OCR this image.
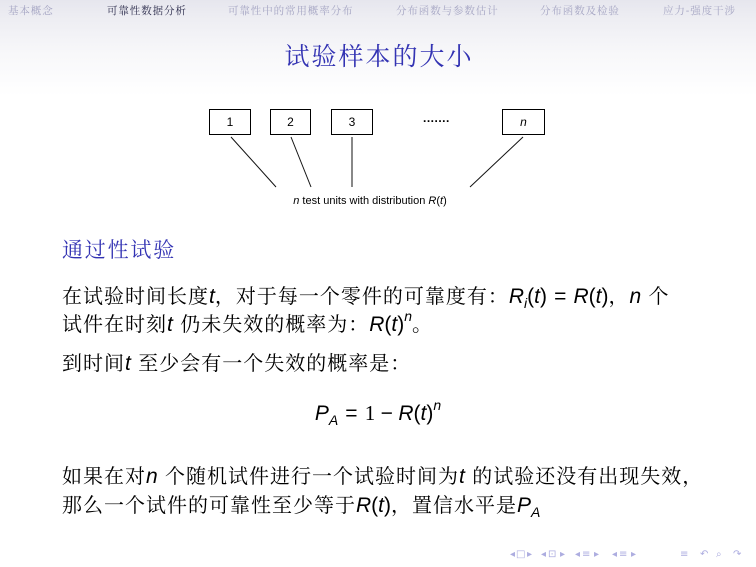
基本概念	可靠性数据分析	可靠性中的常用概率分布	分布函数与参数估计	分布函数及检验	应力-强度干涉
试验样本的大小
1	2	3	.......	n
n  test units with distribution  R ( t )
通过性试验
在试验时间长度 t ，对于每一个零件的可靠度有： R i ( t ) = R ( t ) ， n  个
试件在时刻 t  仍未失效的概率为： R ( t ) n 。
到时间 t  至少会有一个失效的概率是：
P A = 1 − R ( t ) n
如果在对 n  个随机试件进行一个试验时间为 t  的试验还没有出现失效，
那么一个试件的可靠性至少等于 R ( t ) ，置信水平是 P A
◂
□
▸
◂
⊡
▸
◂
≡
▸
◂
≡
▸
≡
↶
⌕
↷
